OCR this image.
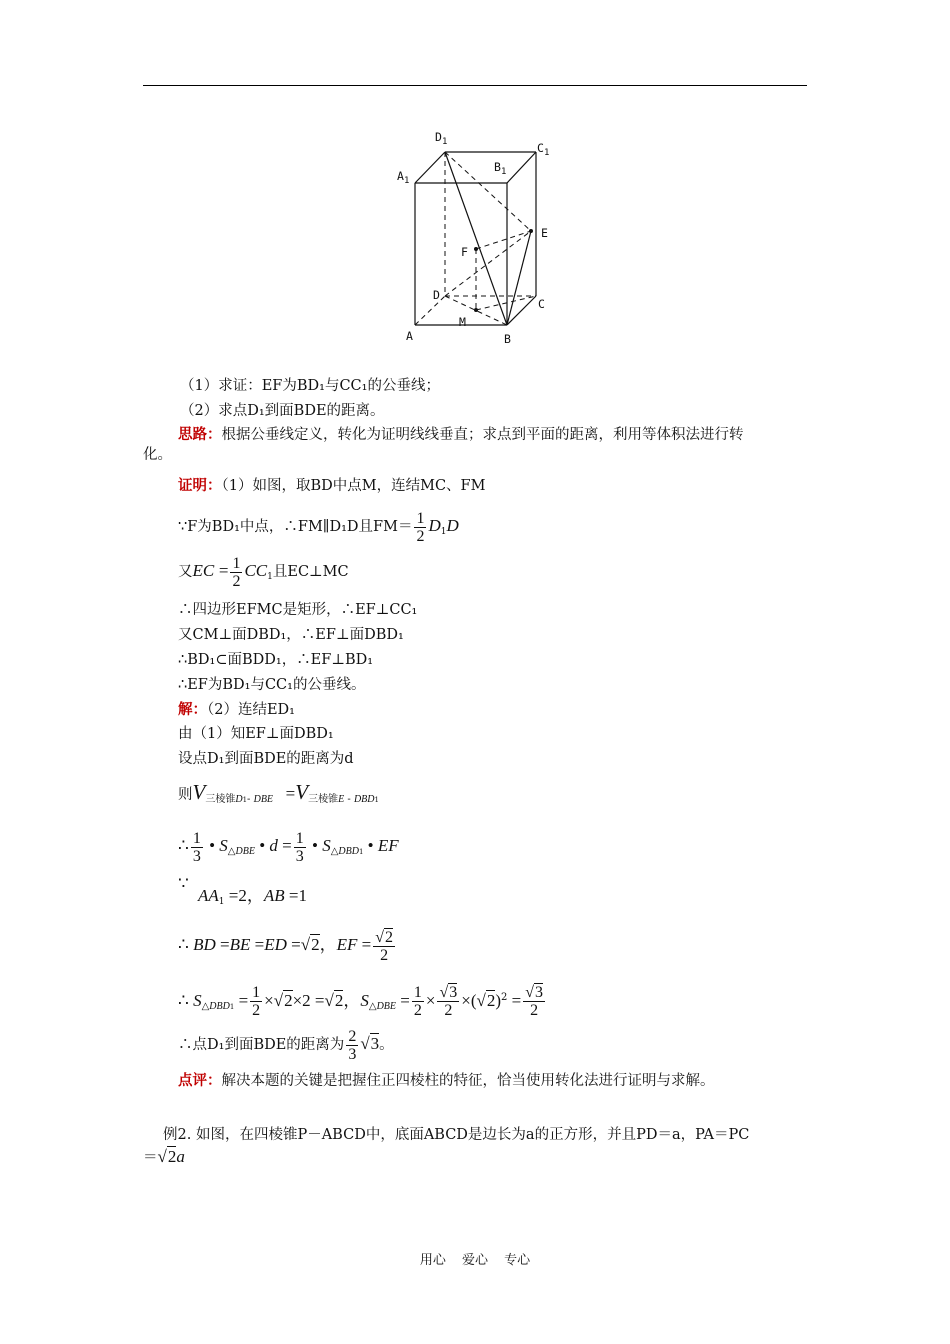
$D_1$	$C_1$
$B_1$
$A_1$
E
F
D
C
M
A	B
（1）求证：EF为BD₁与CC₁的公垂线；
（2）求点D₁到面BDE的距离。
思路：根据公垂线定义，转化为证明线线垂直；求点到平面的距离，利用等体积法进行转
化。
证明：（1）如图，取BD中点M，连结MC、FM
∵F为BD₁中点，∴FM∥D₁D且$FM= \frac{1}{2} D_1D$
又EC = $\frac{1}{2} CC_1$且EC⊥MC
∴四边形EFMC是矩形，∴EF⊥CC₁
又CM⊥面DBD₁，∴EF⊥面DBD₁
∴BD₁⊂面BDD₁，∴EF⊥BD₁
∴EF为BD₁与CC₁的公垂线。
解：（2）连结ED₁
由（1）知EF⊥面DBD₁
设点D₁到面BDE的距离为d
则$V_{三棱锥D1- DBE} =V_{三棱锥E - DBD1}$
∴ $\frac{1}{3}$ • $S_{\triangle DBE}$ • $d = \frac{1}{3}$ • $S_{\triangle DBD1}$ • EF
∵
$AA_1 =2$，AB =1
∴ BD =BE =ED =√2，EF = $\frac{√2}{2}$
∴ $S_{\triangle DBD1} = \frac{1}{2} \times√2\times 2 =√2$，$S_{\triangle DBE} = \frac{1}{2} \times \frac{√3}{2} \times(√2)^2 = \frac{√3}{2}$
∴点D₁到面BDE的距离为 $\frac{2}{3} √3$。
点评：解决本题的关键是把握住正四棱柱的特征，恰当使用转化法进行证明与求解。
例2. 如图，在四棱锥P－ABCD中，底面ABCD是边长为a的正方形，并且PD＝a，PA＝PC
＝√2a
用心 爱心 专心
